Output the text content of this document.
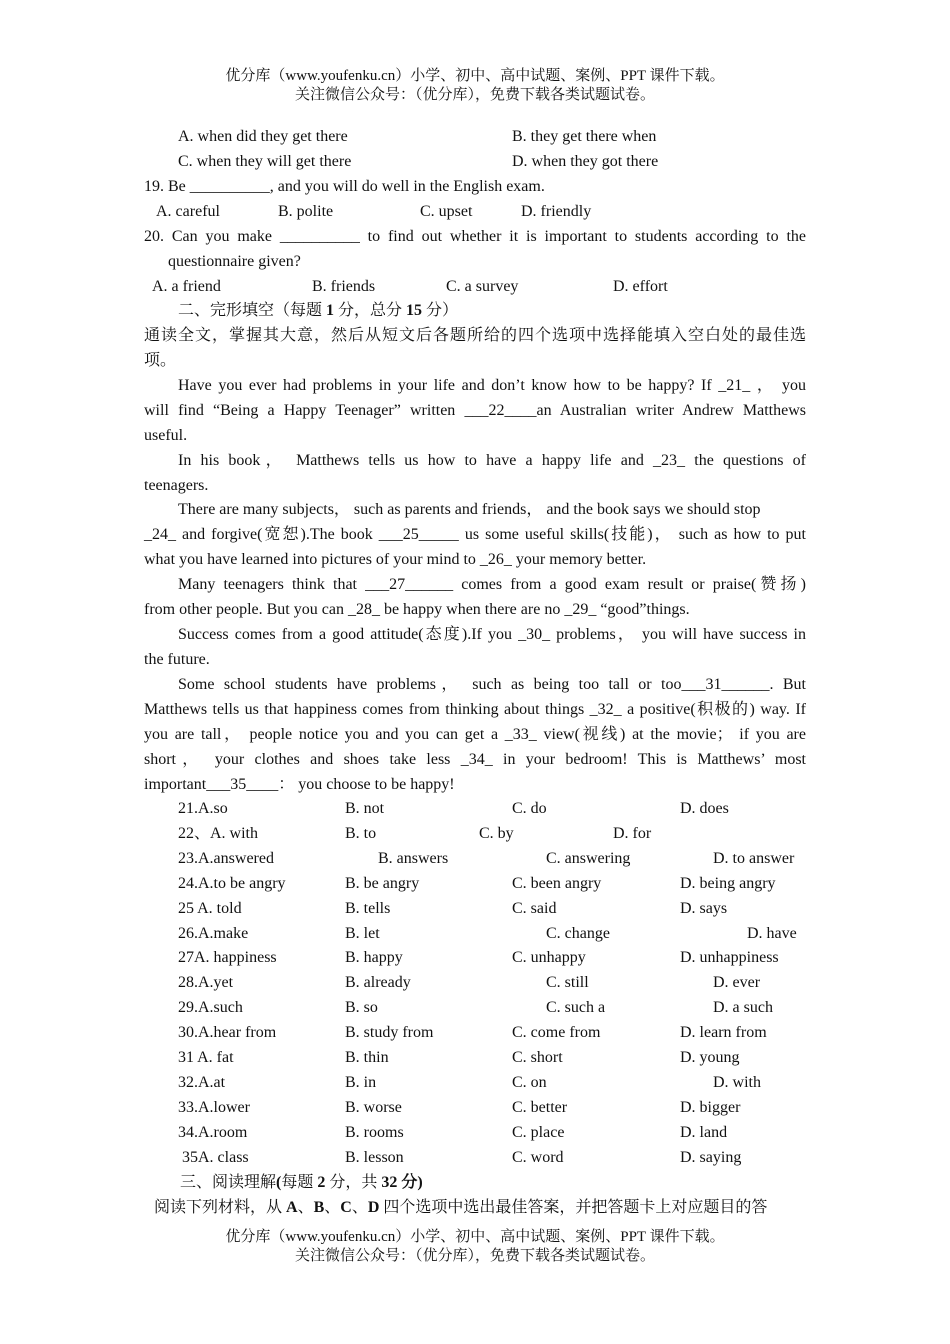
优分库（www.youfenku.cn）小学、初中、高中试题、案例、PPT 课件下载。
关注微信公众号：（优分库），免费下载各类试题试卷。
A. when did they get there	B. they get there when
C. when they will get there	D. when they got there
19. Be __________, and you will do well in the English exam.
A. careful	B. polite	C. upset	D. friendly
20. Can you make __________ to find out whether it is important to students according to the
questionnaire given?
A. a friend	B. friends	C. a survey	D. effort
二、完形填空（每题 1 分，总分 15 分）
通读全文，掌握其大意，然后从短文后各题所给的四个选项中选择能填入空白处的最佳选
项。
Have you ever had problems in your life and don’t know how to be happy? If _21_ ， you
will find “Being a Happy Teenager” written ___22____an Australian writer Andrew Matthews
useful.
In his book， Matthews tells us how to have a happy life and _23_ the questions of
teenagers.
There are many subjects， such as parents and friends， and the book says we should stop
_24_ and forgive(宽恕).The book ___25_____ us some useful skills(技能)， such as how to put
what you have learned into pictures of your mind to _26_ your memory better.
Many teenagers think that ___27______ comes from a good exam result or praise(赞扬)
from other people. But you can _28_ be happy when there are no _29_ “good”things.
Success comes from a good attitude(态度).If you _30_ problems， you will have success in
the future.
Some school students have problems， such as being too tall or too___31______. But
Matthews tells us that happiness comes from thinking about things _32_ a positive(积极的) way. If
you are tall， people notice you and you can get a _33_ view(视线) at the movie； if you are
short， your clothes and shoes take less _34_ in your bedroom! This is Matthews’ most
important___35____： you choose to be happy!
21.A.so	B. not	C. do	D. does
22、A. with	B. to	C. by	D. for
23.A.answered	B. answers	C. answering	D. to answer
24.A.to be angry	B. be angry	C. been angry	D. being angry
25 A. told	B. tells	C. said	D. says
26.A.make	B. let	C. change	D. have
27A. happiness	B. happy	C. unhappy	D. unhappiness
28.A.yet	B. already	C. still	D. ever
29.A.such	B. so	C. such a	D. a such
30.A.hear from	B. study from	C. come from	D. learn from
31 A. fat	B. thin	C. short	D. young
32.A.at	B. in	C. on	D. with
33.A.lower	B. worse	C. better	D. bigger
34.A.room	B. rooms	C. place	D. land
35A. class	B. lesson	C. word	D. saying
三、阅读理解(每题 2 分，共 32 分)
阅读下列材料，从 A、B、C、D 四个选项中选出最佳答案，并把答题卡上对应题目的答
优分库（www.youfenku.cn）小学、初中、高中试题、案例、PPT 课件下载。
关注微信公众号：（优分库），免费下载各类试题试卷。
